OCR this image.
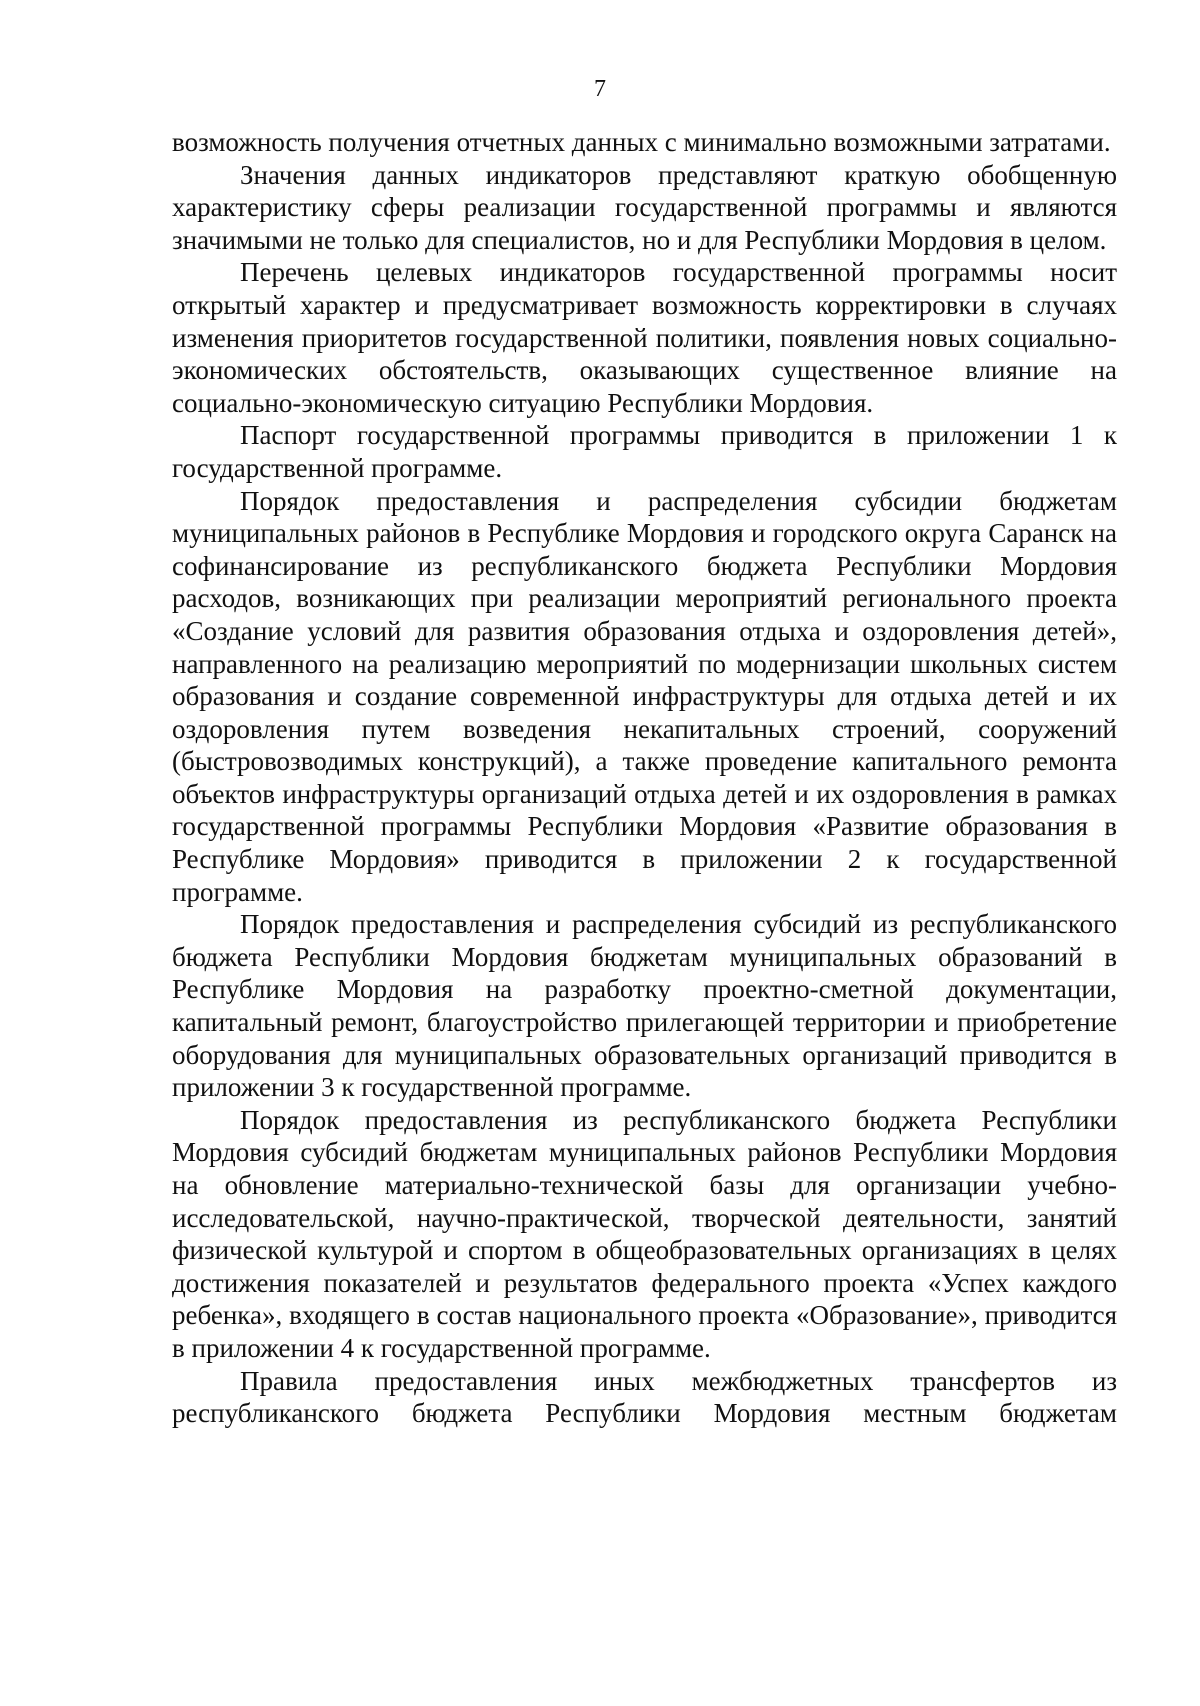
7

возможность получения отчетных данных с минимально возможными затратами.

Значения данных индикаторов представляют краткую обобщенную характеристику сферы реализации государственной программы и являются значимыми не только для специалистов, но и для Республики Мордовия в целом.

Перечень целевых индикаторов государственной программы носит открытый характер и предусматривает возможность корректировки в случаях изменения приоритетов государственной политики, появления новых социально-экономических обстоятельств, оказывающих существенное влияние на социально-экономическую ситуацию Республики Мордовия.

Паспорт государственной программы приводится в приложении 1 к государственной программе.

Порядок предоставления и распределения субсидии бюджетам муниципальных районов в Республике Мордовия и городского округа Саранск на софинансирование из республиканского бюджета Республики Мордовия расходов, возникающих при реализации мероприятий регионального проекта «Создание условий для развития образования отдыха и оздоровления детей», направленного на реализацию мероприятий по модернизации школьных систем образования и создание современной инфраструктуры для отдыха детей и их оздоровления путем возведения некапитальных строений, сооружений (быстровозводимых конструкций), а также проведение капитального ремонта объектов инфраструктуры организаций отдыха детей и их оздоровления в рамках государственной программы Республики Мордовия «Развитие образования в Республике Мордовия» приводится в приложении 2 к государственной программе.

Порядок предоставления и распределения субсидий из республиканского бюджета Республики Мордовия бюджетам муниципальных образований в Республике Мордовия на разработку проектно-сметной документации, капитальный ремонт, благоустройство прилегающей территории и приобретение оборудования для муниципальных образовательных организаций приводится в приложении 3 к государственной программе.

Порядок предоставления из республиканского бюджета Республики Мордовия субсидий бюджетам муниципальных районов Республики Мордовия на обновление материально-технической базы для организации учебно-исследовательской, научно-практической, творческой деятельности, занятий физической культурой и спортом в общеобразовательных организациях в целях достижения показателей и результатов федерального проекта «Успех каждого ребенка», входящего в состав национального проекта «Образование», приводится в приложении 4 к государственной программе.

Правила предоставления иных межбюджетных трансфертов из республиканского бюджета Республики Мордовия местным бюджетам
